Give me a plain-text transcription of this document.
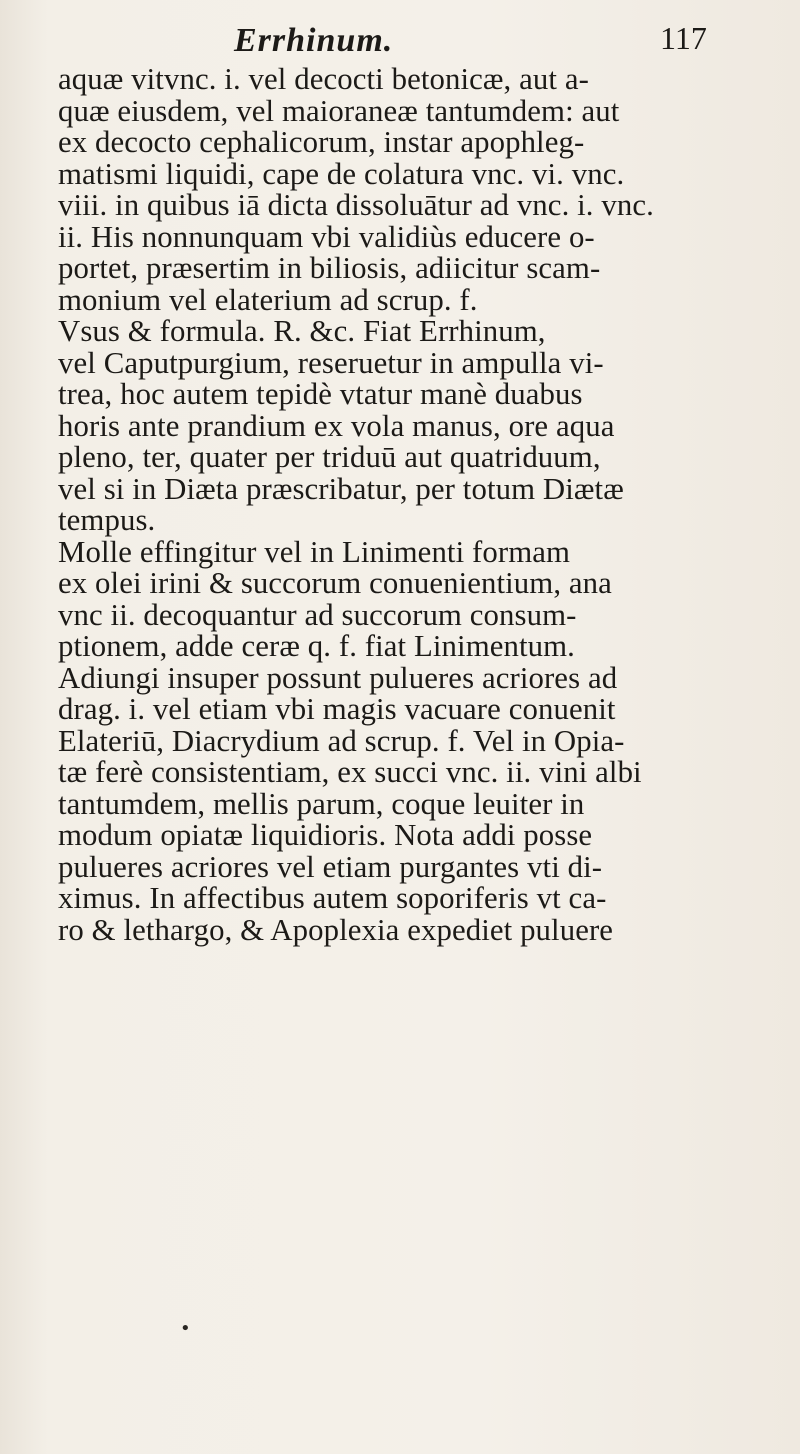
Errhinum.	117
aquæ vitvnc. i. vel decocti betonicæ, aut a-
quæ eiusdem, vel maioraneæ tantumdem: aut
ex decocto cephalicorum, instar apophleg-
matismi liquidi, cape de colatura vnc. vi. vnc.
viii. in quibus iā dicta dissoluātur ad vnc. i. vnc.
ii. His nonnunquam vbi validiùs educere o-
portet, præsertim in biliosis, adiicitur scam-
monium vel elaterium ad scrup. f.
Vsus & formula. R. &c. Fiat Errhinum,
vel Caputpurgium, reseruetur in ampulla vi-
trea, hoc autem tepidè vtatur manè duabus
horis ante prandium ex vola manus, ore aqua
pleno, ter, quater per triduū aut quatriduum,
vel si in Diæta præscribatur, per totum Diætæ
tempus.
Molle effingitur vel in Linimenti formam
ex olei irini & succorum conuenientium, ana
vnc ii. decoquantur ad succorum consum-
ptionem, adde ceræ q. f. fiat Linimentum.
Adiungi insuper possunt pulueres acriores ad
drag. i. vel etiam vbi magis vacuare conuenit
Elateriū, Diacrydium ad scrup. f. Vel in Opia-
tæ ferè consistentiam, ex succi vnc. ii. vini albi
tantumdem, mellis parum, coque leuiter in
modum opiatæ liquidioris. Nota addi posse
pulueres acriores vel etiam purgantes vti di-
ximus. In affectibus autem soporiferis vt ca-
ro & lethargo, & Apoplexia expediet puluere
•
